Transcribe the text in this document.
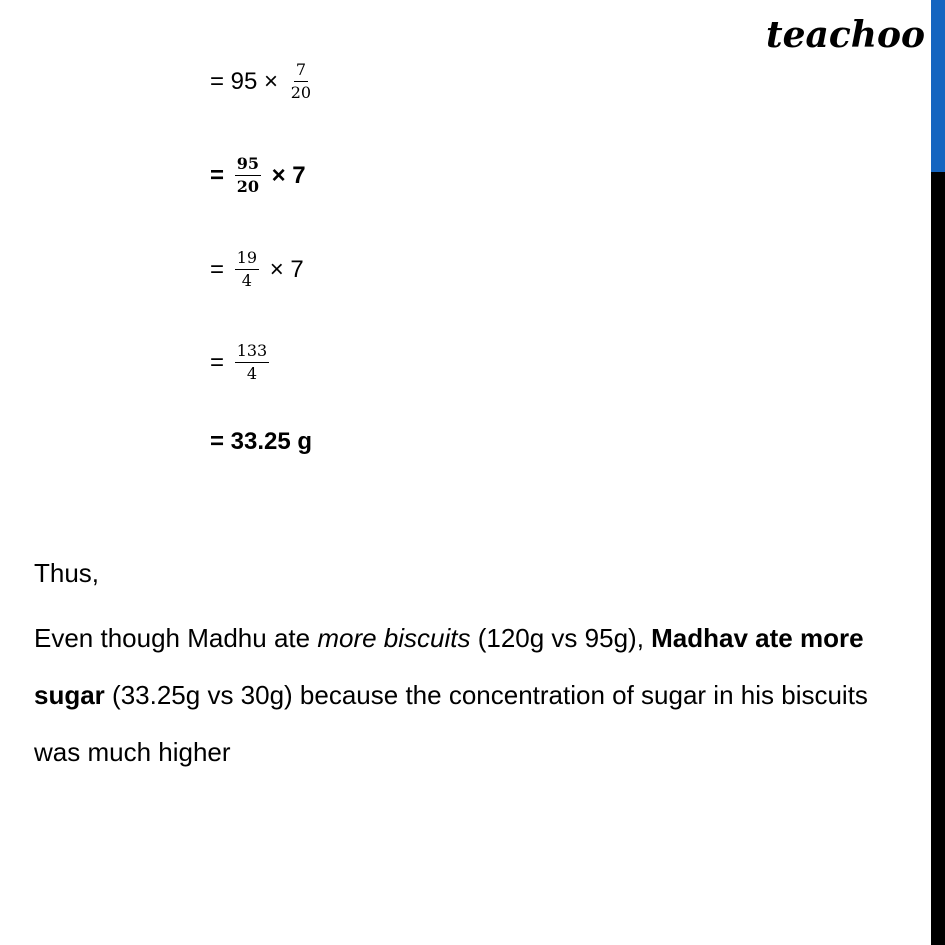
teachoo
= $95 \times \frac{7}{20}$
= $\frac{95}{20} \times 7$
= $\frac{19}{4} \times 7$
= $\frac{133}{4}$
= 33.25 g
Thus,
Even though Madhu ate more biscuits (120g vs 95g), Madhav ate more sugar (33.25g vs 30g) because the concentration of sugar in his biscuits was much higher
